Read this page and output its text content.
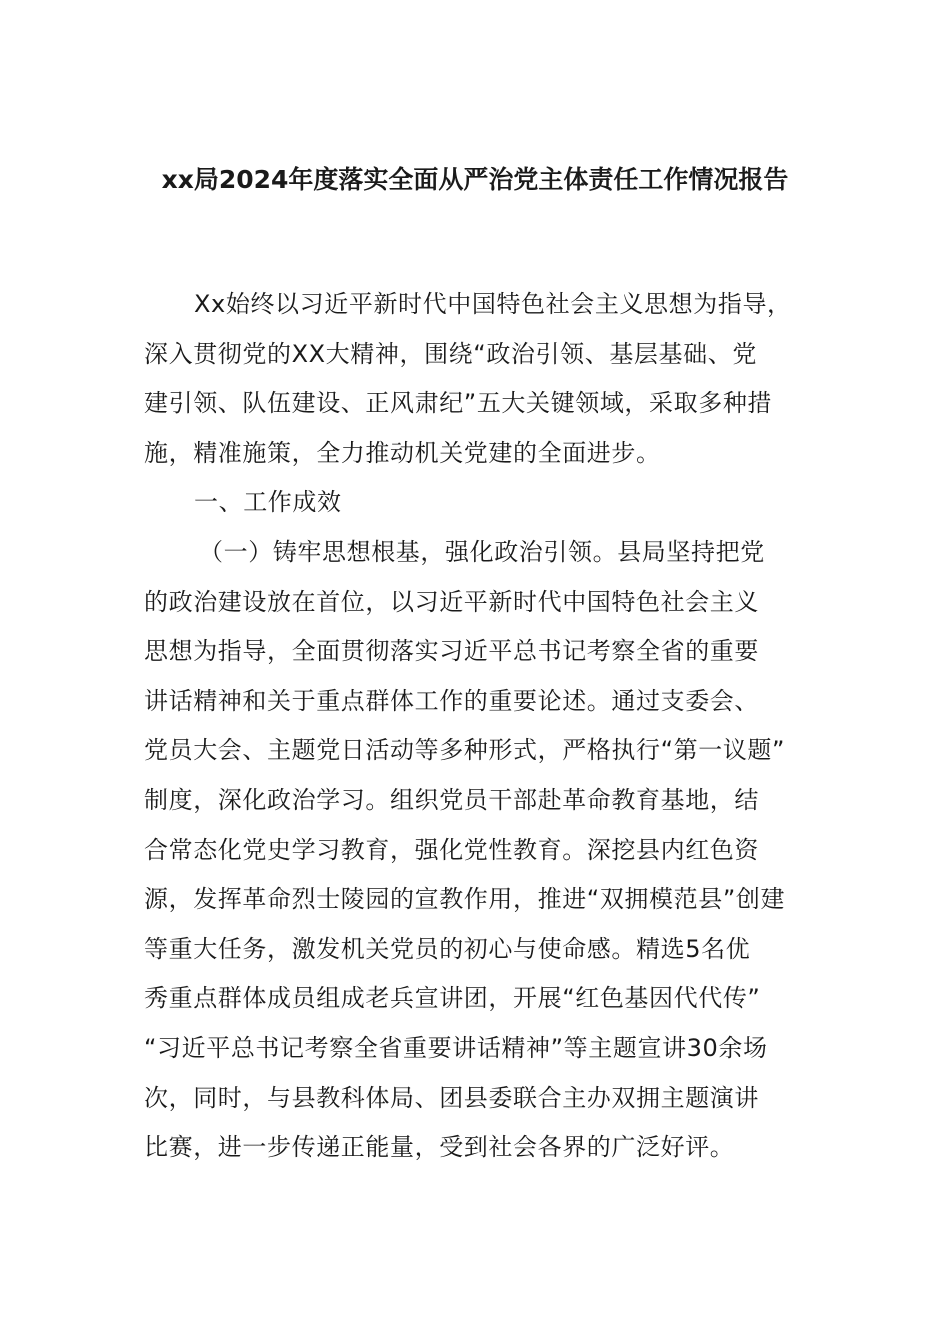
xx局2024年度落实全面从严治党主体责任工作情况报告
Xx始终以习近平新时代中国特色社会主义思想为指导，
深入贯彻党的XX大精神，围绕“政治引领、基层基础、党
建引领、队伍建设、正风肃纪”五大关键领域，采取多种措
施，精准施策，全力推动机关党建的全面进步。
一、工作成效
（一）铸牢思想根基，强化政治引领。县局坚持把党
的政治建设放在首位，以习近平新时代中国特色社会主义
思想为指导，全面贯彻落实习近平总书记考察全省的重要
讲话精神和关于重点群体工作的重要论述。通过支委会、
党员大会、主题党日活动等多种形式，严格执行“第一议题”
制度，深化政治学习。组织党员干部赴革命教育基地，结
合常态化党史学习教育，强化党性教育。深挖县内红色资
源，发挥革命烈士陵园的宣教作用，推进“双拥模范县”创建
等重大任务，激发机关党员的初心与使命感。精选5名优
秀重点群体成员组成老兵宣讲团，开展“红色基因代代传”
“习近平总书记考察全省重要讲话精神”等主题宣讲30余场
次，同时，与县教科体局、团县委联合主办双拥主题演讲
比赛，进一步传递正能量，受到社会各界的广泛好评。
